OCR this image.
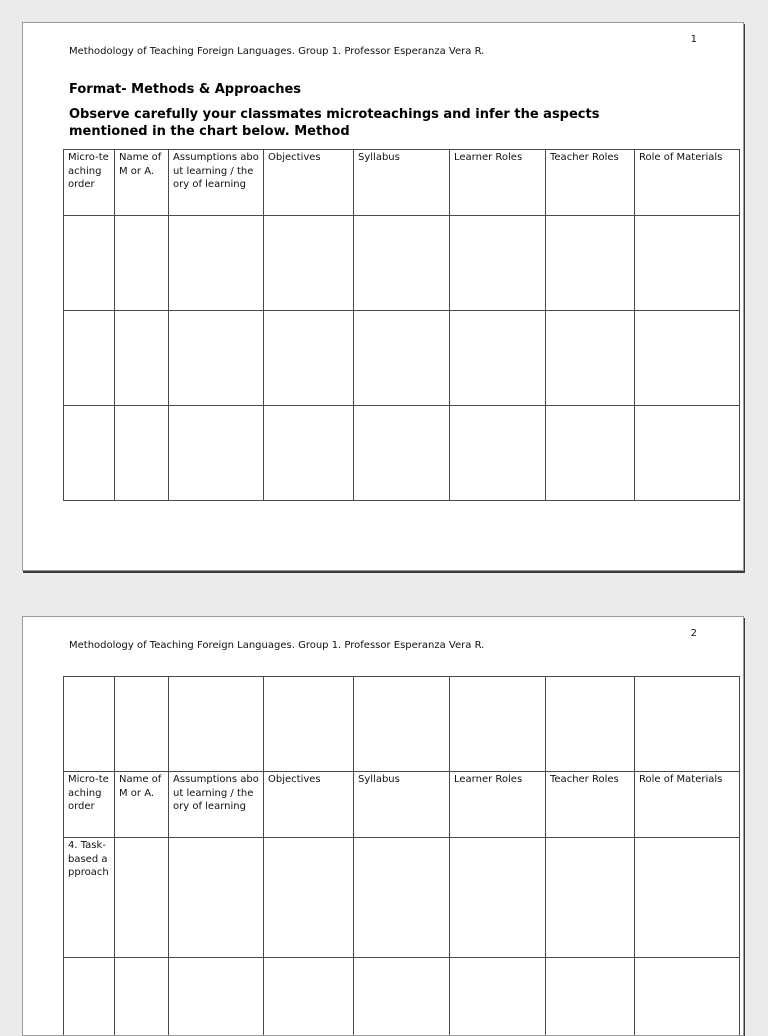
1
Methodology of Teaching Foreign Languages. Group 1. Professor Esperanza Vera R.
Format- Methods & Approaches
Observe carefully your classmates microteachings and infer the aspects mentioned in the chart below. Method
Micro-teaching order	Name of M or A.	Assumptions about learning / theory of learning	Objectives	Syllabus	Learner Roles	Teacher Roles	Role of Materials

2
Methodology of Teaching Foreign Languages. Group 1. Professor Esperanza Vera R.

Micro-teaching order	Name of M or A.	Assumptions about learning / theory of learning	Objectives	Syllabus	Learner Roles	Teacher Roles	Role of Materials
4. Task-based approach							
